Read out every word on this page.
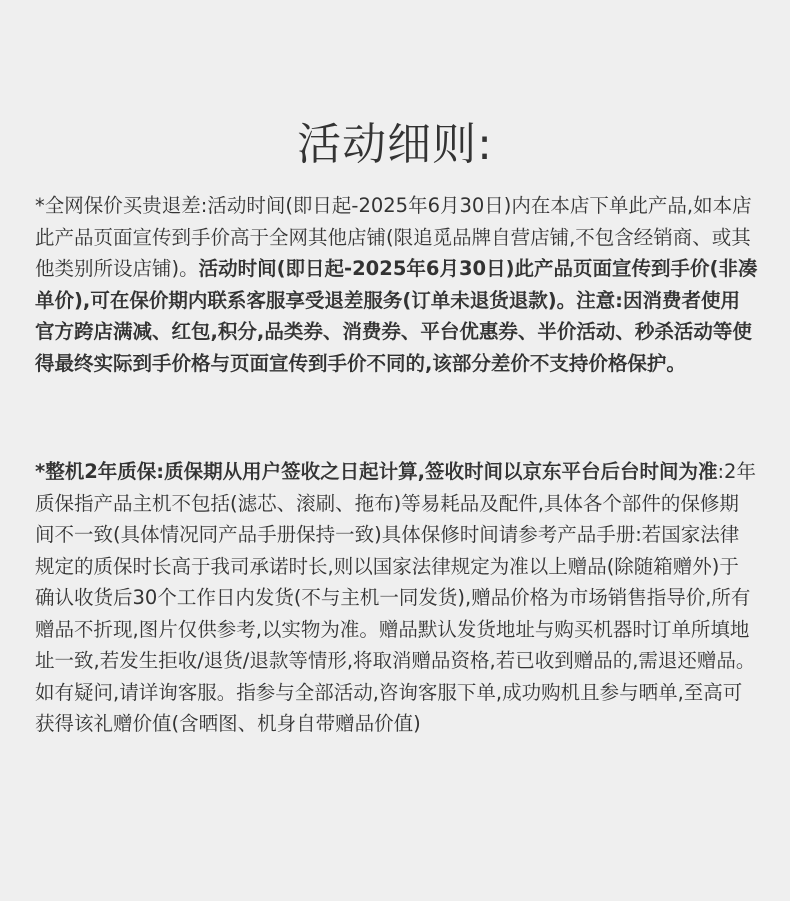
活动细则:

*全网保价买贵退差:活动时间(即日起-2025年6月30日)内在本店下单此产品,如本店此产品页面宣传到手价高于全网其他店铺(限追觅品牌自营店铺,不包含经销商、或其他类别所设店铺)。活动时间(即日起-2025年6月30日)此产品页面宣传到手价(非凑单价),可在保价期内联系客服享受退差服务(订单未退货退款)。注意:因消费者使用官方跨店满减、红包,积分,品类券、消费券、平台优惠券、半价活动、秒杀活动等使得最终实际到手价格与页面宣传到手价不同的,该部分差价不支持价格保护。

*整机2年质保:质保期从用户签收之日起计算,签收时间以京东平台后台时间为准:2年质保指产品主机不包括(滤芯、滚刷、拖布)等易耗品及配件,具体各个部件的保修期间不一致(具体情况同产品手册保持一致)具体保修时间请参考产品手册:若国家法律规定的质保时长高于我司承诺时长,则以国家法律规定为准以上赠品(除随箱赠外)于确认收货后30个工作日内发货(不与主机一同发货),赠品价格为市场销售指导价,所有赠品不折现,图片仅供参考,以实物为准。赠品默认发货地址与购买机器时订单所填地址一致,若发生拒收/退货/退款等情形,将取消赠品资格,若已收到赠品的,需退还赠品。如有疑问,请详询客服。指参与全部活动,咨询客服下单,成功购机且参与晒单,至高可获得该礼赠价值(含晒图、机身自带赠品价值)
